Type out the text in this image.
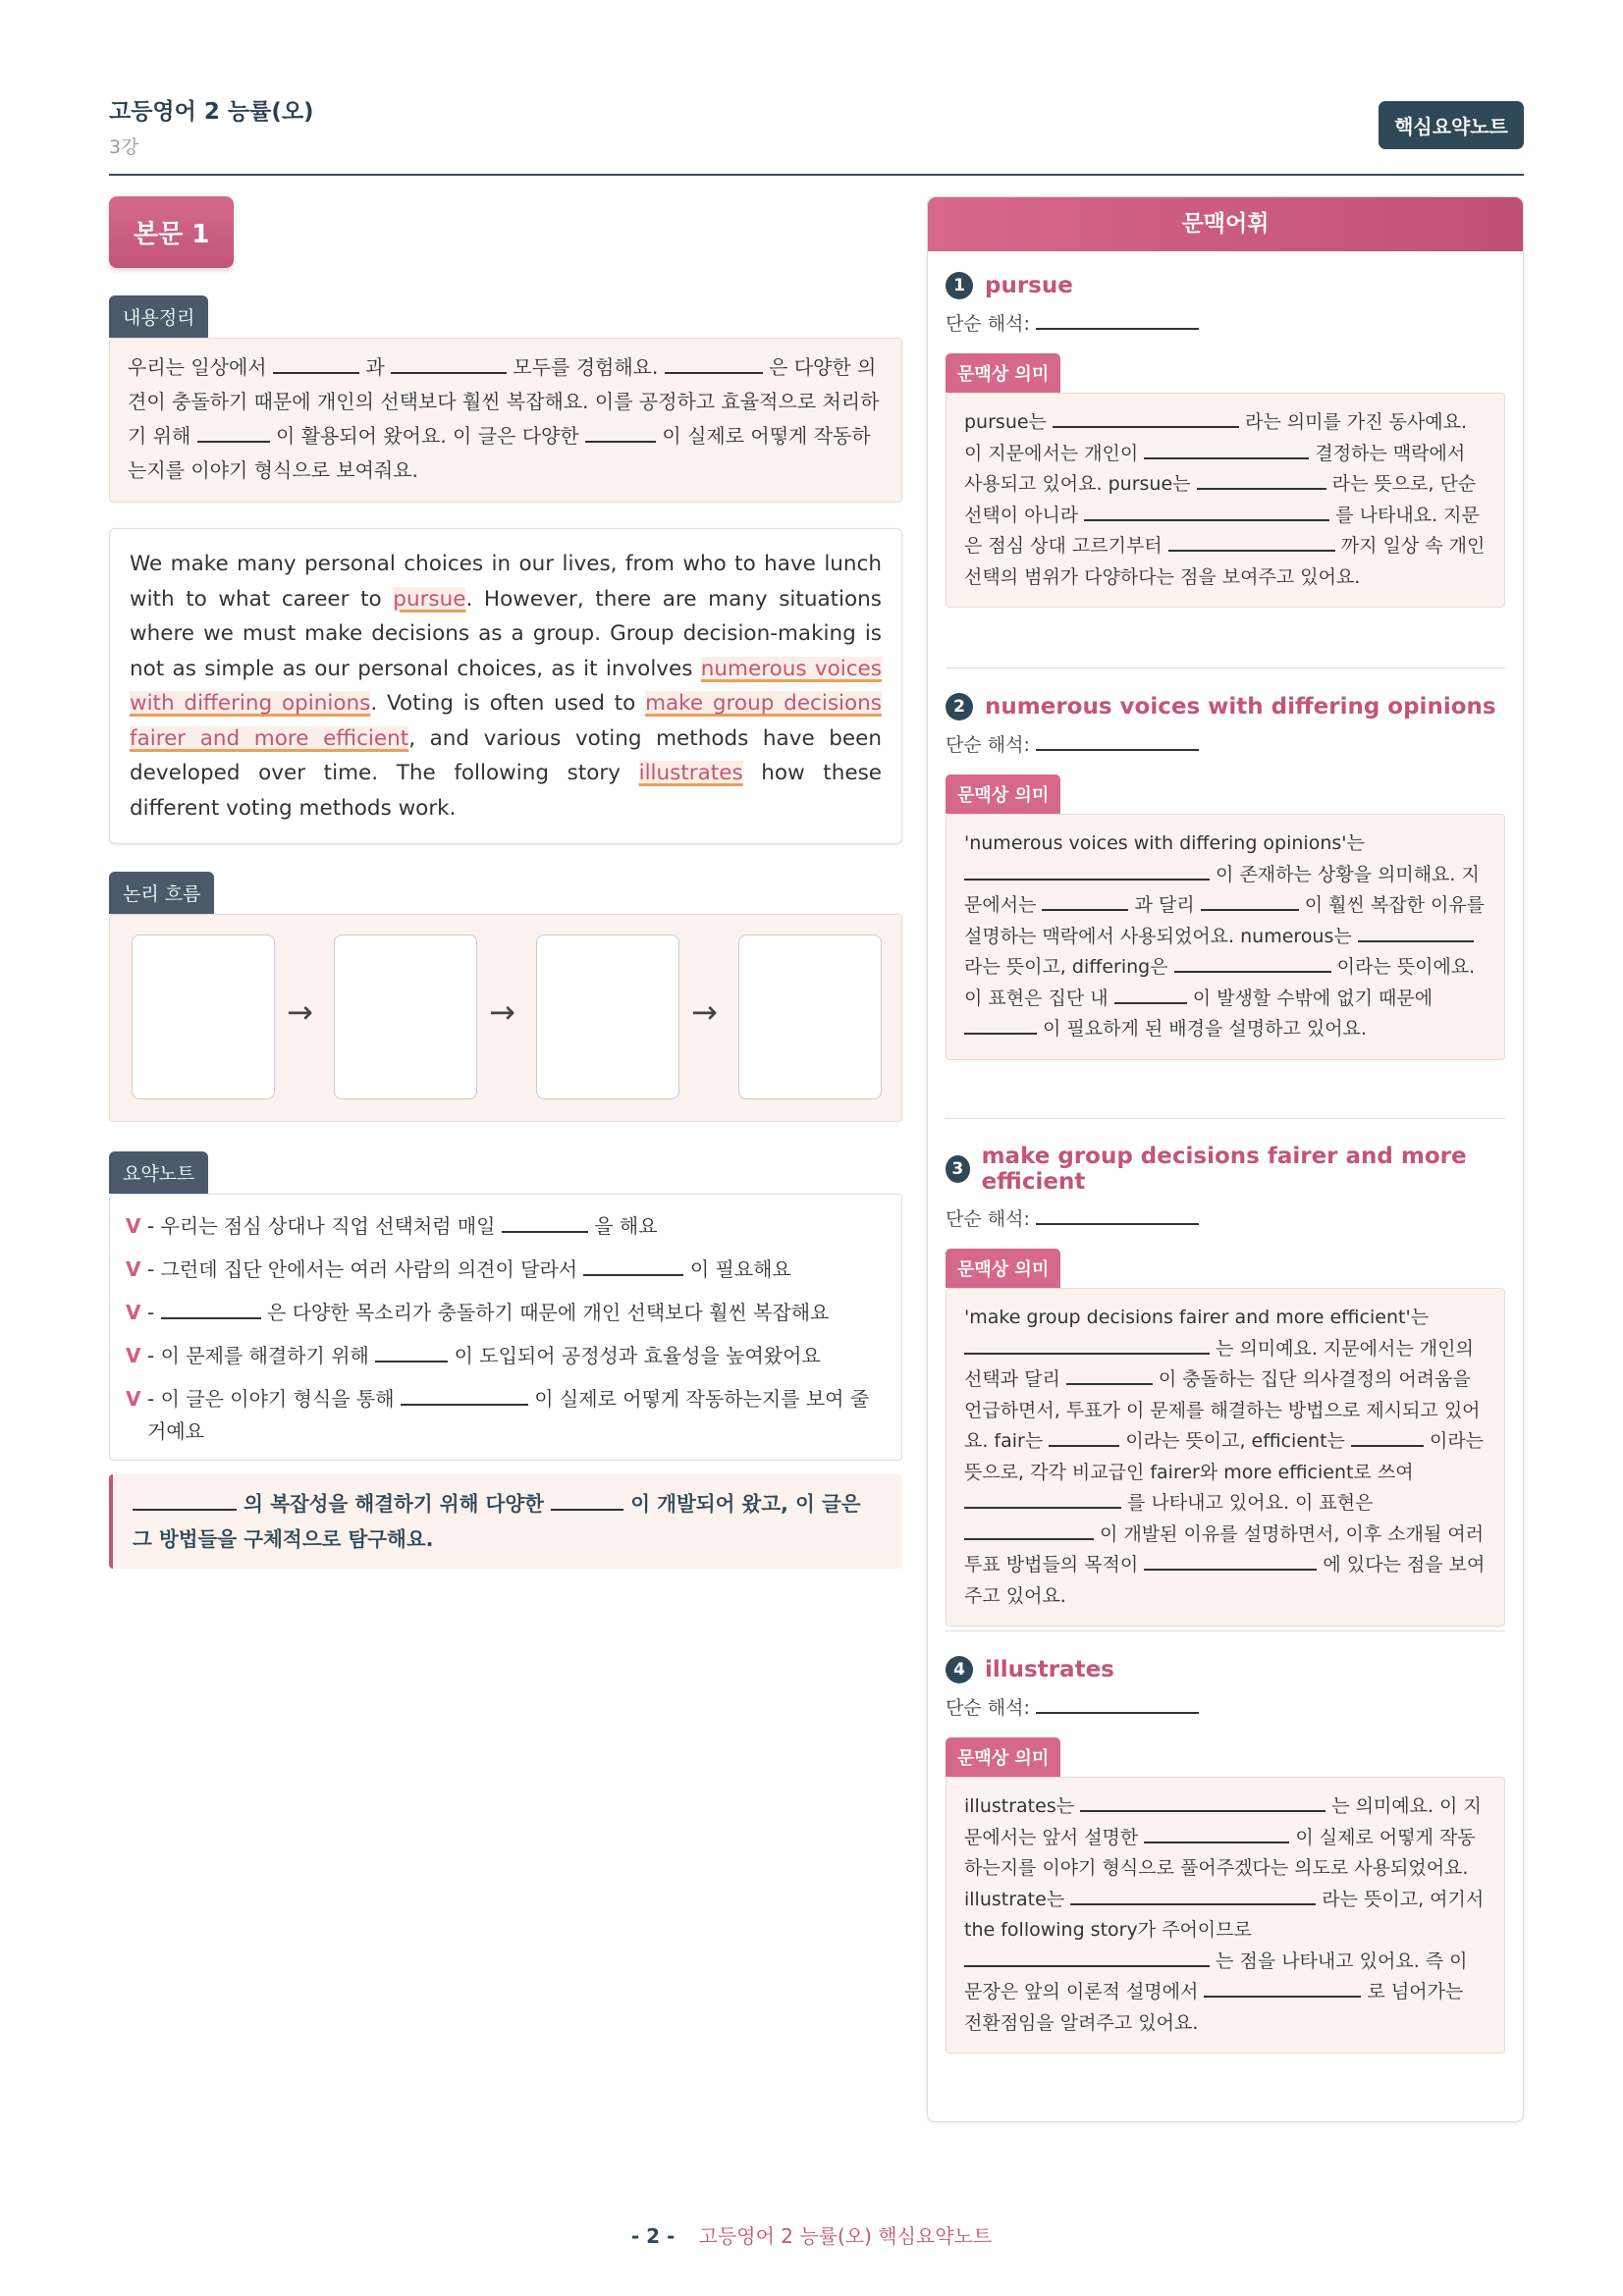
고등영어 2 능률(오)
3강
핵심요약노트
본문 1
내용정리
우리는 일상에서	과	모두를 경험해요.	은 다양한 의견이 충돌하기 때문에 개인의 선택보다 훨씬 복잡해요. 이를 공정하고 효율적으로 처리하기 위해	이 활용되어 왔어요. 이 글은 다양한	이 실제로 어떻게 작동하는지를 이야기 형식으로 보여줘요.
We make many personal choices in our lives, from who to have lunch with to what career to pursue. However, there are many situations where we must make decisions as a group. Group decision-making is not as simple as our personal choices, as it involves numerous voices with differing opinions. Voting is often used to make group decisions fairer and more efficient, and various voting methods have been developed over time. The following story illustrates how these different voting methods work.
논리 흐름
→	→	→
요약노트
V - 우리는 점심 상대나 직업 선택처럼 매일	을 해요
V - 그런데 집단 안에서는 여러 사람의 의견이 달라서	이 필요해요
V -	은 다양한 목소리가 충돌하기 때문에 개인 선택보다 훨씬 복잡해요
V - 이 문제를 해결하기 위해	이 도입되어 공정성과 효율성을 높여왔어요
V - 이 글은 이야기 형식을 통해	이 실제로 어떻게 작동하는지를 보여 줄 거예요
의 복잡성을 해결하기 위해 다양한	이 개발되어 왔고, 이 글은 그 방법들을 구체적으로 탐구해요.
문맥어휘
1 pursue
단순 해석:
문맥상 의미
pursue는	라는 의미를 가진 동사예요. 이 지문에서는 개인이	결정하는 맥락에서 사용되고 있어요. pursue는	라는 뜻으로, 단순 선택이 아니라	를 나타내요. 지문은 점심 상대 고르기부터	까지 일상 속 개인 선택의 범위가 다양하다는 점을 보여주고 있어요.
2 numerous voices with differing opinions
단순 해석:
문맥상 의미
'numerous voices with differing opinions'는  이 존재하는 상황을 의미해요. 지문에서는	과 달리	이 훨씬 복잡한 이유를 설명하는 맥락에서 사용되었어요. numerous는  라는 뜻이고, differing은	이라는 뜻이에요. 이 표현은 집단 내	이 발생할 수밖에 없기 때문에  이 필요하게 된 배경을 설명하고 있어요.
3 make group decisions fairer and more efficient
단순 해석:
문맥상 의미
'make group decisions fairer and more efficient'는  는 의미예요. 지문에서는 개인의 선택과 달리	이 충돌하는 집단 의사결정의 어려움을 언급하면서, 투표가 이 문제를 해결하는 방법으로 제시되고 있어요. fair는	이라는 뜻이고, efficient는	이라는 뜻으로, 각각 비교급인 fairer와 more efficient로 쓰여  를 나타내고 있어요. 이 표현은  이 개발된 이유를 설명하면서, 이후 소개될 여러 투표 방법들의 목적이	에 있다는 점을 보여주고 있어요.
4 illustrates
단순 해석:
문맥상 의미
illustrates는	는 의미예요. 이 지문에서는 앞서 설명한	이 실제로 어떻게 작동하는지를 이야기 형식으로 풀어주겠다는 의도로 사용되었어요. illustrate는	라는 뜻이고, 여기서 the following story가 주어이므로  는 점을 나타내고 있어요. 즉 이 문장은 앞의 이론적 설명에서	로 넘어가는 전환점임을 알려주고 있어요.
- 2 - 고등영어 2 능률(오) 핵심요약노트
